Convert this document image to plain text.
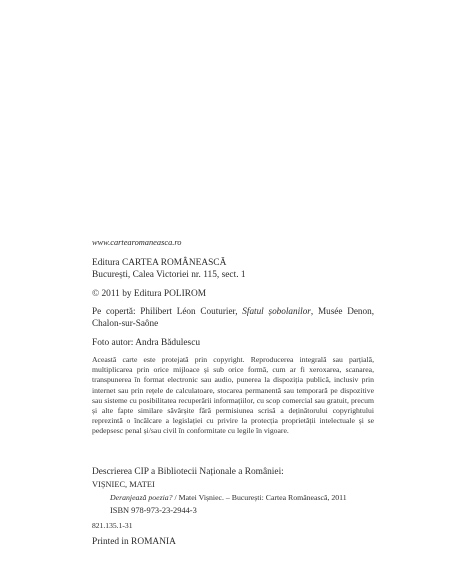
www.cartearomaneasca.ro
Editura CARTEA ROMÂNEASCĂ
București, Calea Victoriei nr. 115, sect. 1
© 2011 by Editura POLIROM
Pe copertă: Philibert Léon Couturier, Sfatul șobolanilor, Musée Denon, Chalon-sur-Saône
Foto autor: Andra Bădulescu
Această carte este protejată prin copyright. Reproducerea integrală sau parțială, multiplicarea prin orice mijloace și sub orice formă, cum ar fi xeroxarea, scanarea, transpunerea în format electronic sau audio, punerea la dispoziția publică, inclusiv prin internet sau prin rețele de calculatoare, stocarea permanentă sau temporară pe dispozitive sau sisteme cu posibilitatea recuperării informațiilor, cu scop comercial sau gratuit, precum și alte fapte similare săvârșite fără permisiunea scrisă a deținătorului copyrightului reprezintă o încălcare a legislației cu privire la protecția proprietății intelectuale și se pedepsesc penal și/sau civil în conformitate cu legile în vigoare.
Descrierea CIP a Bibliotecii Naționale a României:
VIȘNIEC, MATEI
Deranjează poezia? / Matei Vișniec. – București: Cartea Românească, 2011
ISBN 978-973-23-2944-3
821.135.1-31
Printed in ROMANIA
